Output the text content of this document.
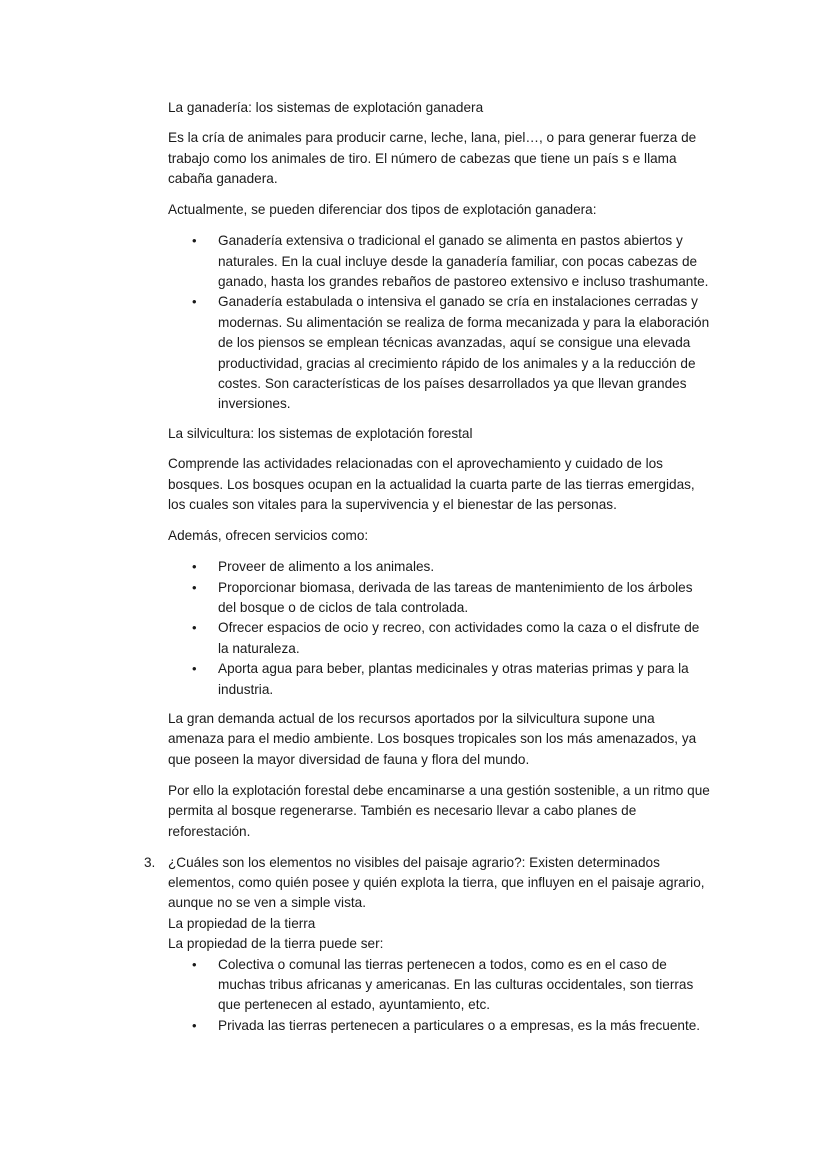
La ganadería: los sistemas de explotación ganadera

Es la cría de animales para producir carne, leche, lana, piel…, o para generar fuerza de trabajo como los animales de tiro. El número de cabezas que tiene un país s e llama cabaña ganadera.

Actualmente, se pueden diferenciar dos tipos de explotación ganadera:

• Ganadería extensiva o tradicional el ganado se alimenta en pastos abiertos y naturales. En la cual incluye desde la ganadería familiar, con pocas cabezas de ganado, hasta los grandes rebaños de pastoreo extensivo e incluso trashumante.
• Ganadería estabulada o intensiva el ganado se cría en instalaciones cerradas y modernas. Su alimentación se realiza de forma mecanizada y para la elaboración de los piensos se emplean técnicas avanzadas, aquí se consigue una elevada productividad, gracias al crecimiento rápido de los animales y a la reducción de costes. Son características de los países desarrollados ya que llevan grandes inversiones.

La silvicultura: los sistemas de explotación forestal

Comprende las actividades relacionadas con el aprovechamiento y cuidado de los bosques. Los bosques ocupan en la actualidad la cuarta parte de las tierras emergidas, los cuales son vitales para la supervivencia y el bienestar de las personas.

Además, ofrecen servicios como:

• Proveer de alimento a los animales.
• Proporcionar biomasa, derivada de las tareas de mantenimiento de los árboles del bosque o de ciclos de tala controlada.
• Ofrecer espacios de ocio y recreo, con actividades como la caza o el disfrute de la naturaleza.
• Aporta agua para beber, plantas medicinales y otras materias primas y para la industria.

La gran demanda actual de los recursos aportados por la silvicultura supone una amenaza para el medio ambiente. Los bosques tropicales son los más amenazados, ya que poseen la mayor diversidad de fauna y flora del mundo.

Por ello la explotación forestal debe encaminarse a una gestión sostenible, a un ritmo que permita al bosque regenerarse. También es necesario llevar a cabo planes de reforestación.

3. ¿Cuáles son los elementos no visibles del paisaje agrario?: Existen determinados elementos, como quién posee y quién explota la tierra, que influyen en el paisaje agrario, aunque no se ven a simple vista.

La propiedad de la tierra

La propiedad de la tierra puede ser:

• Colectiva o comunal las tierras pertenecen a todos, como es en el caso de muchas tribus africanas y americanas. En las culturas occidentales, son tierras que pertenecen al estado, ayuntamiento, etc.
• Privada las tierras pertenecen a particulares o a empresas, es la más frecuente.
